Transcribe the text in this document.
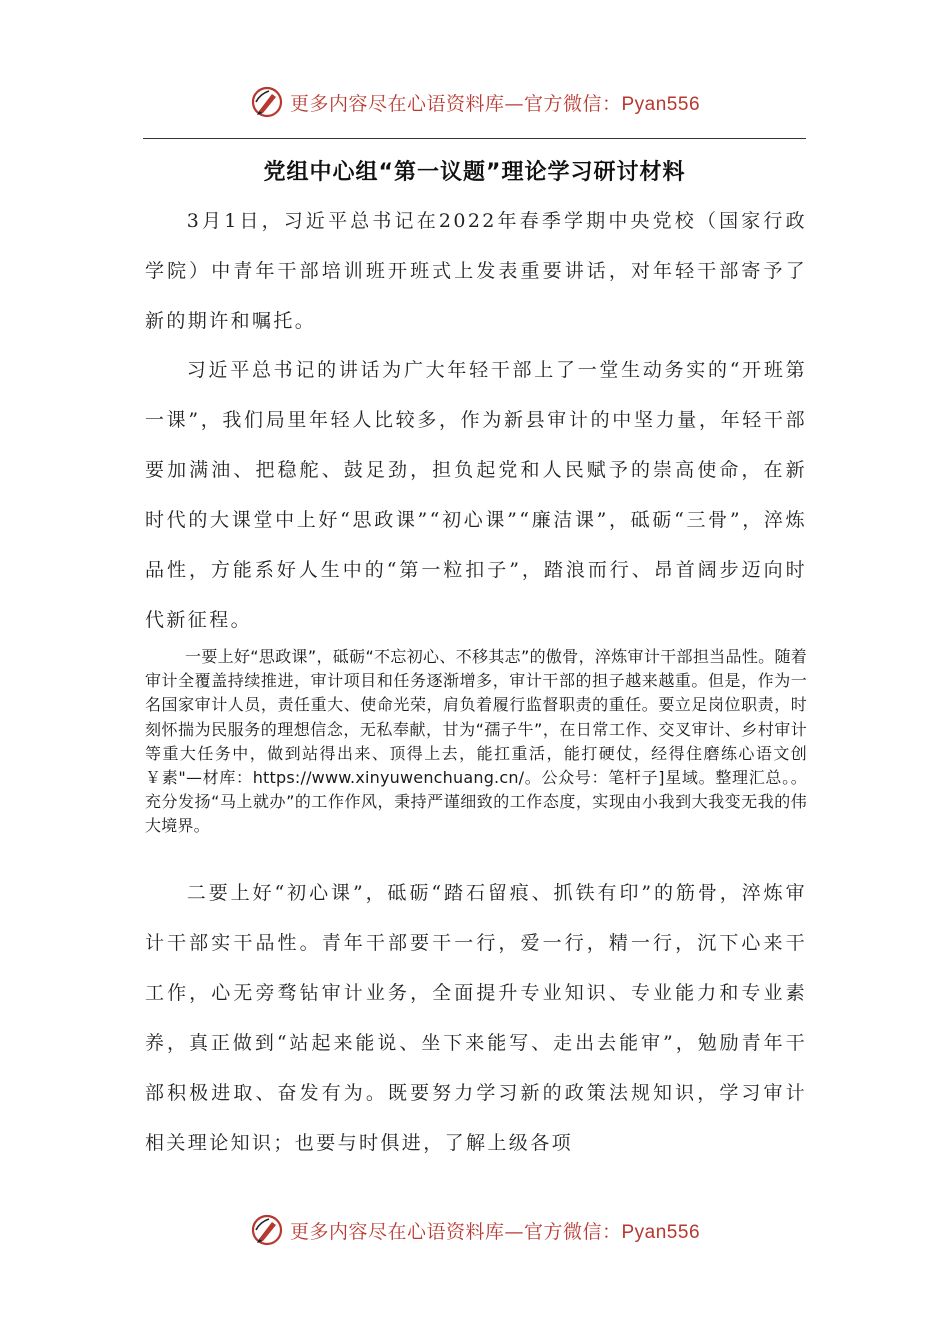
更多内容尽在心语资料库—官方微信：Pyan556
党组中心组“第一议题”理论学习研讨材料

3月1日，习近平总书记在2022年春季学期中央党校（国家行政学院）中青年干部培训班开班式上发表重要讲话，对年轻干部寄予了新的期许和嘱托。

习近平总书记的讲话为广大年轻干部上了一堂生动务实的“开班第一课”，我们局里年轻人比较多，作为新县审计的中坚力量，年轻干部要加满油、把稳舵、鼓足劲，担负起党和人民赋予的崇高使命，在新时代的大课堂中上好“思政课”“初心课”“廉洁课”，砥砺“三骨”，淬炼品性，方能系好人生中的“第一粒扣子”，踏浪而行、昂首阔步迈向时代新征程。

一要上好“思政课”，砥砺“不忘初心、不移其志”的傲骨，淬炼审计干部担当品性。随着审计全覆盖持续推进，审计项目和任务逐渐增多，审计干部的担子越来越重。但是，作为一名国家审计人员，责任重大、使命光荣，肩负着履行监督职责的重任。要立足岗位职责，时刻怀揣为民服务的理想信念，无私奉献，甘为“孺子牛”，在日常工作、交叉审计、乡村审计等重大任务中，做到站得出来、顶得上去，能扛重活，能打硬仗，经得住磨练心语文创￥素"—材库：https://www.xinyuwenchuang.cn/。公众号：笔杆子]星域。整理汇总。。充分发扬“马上就办”的工作作风，秉持严谨细致的工作态度，实现由小我到大我变无我的伟大境界。

二要上好“初心课”，砥砺“踏石留痕、抓铁有印”的筋骨，淬炼审计干部实干品性。青年干部要干一行，爱一行，精一行，沉下心来干工作，心无旁骛钻审计业务，全面提升专业知识、专业能力和专业素养，真正做到“站起来能说、坐下来能写、走出去能审”，勉励青年干部积极进取、奋发有为。既要努力学习新的政策法规知识，学习审计相关理论知识；也要与时俱进，了解上级各项

更多内容尽在心语资料库—官方微信：Pyan556
